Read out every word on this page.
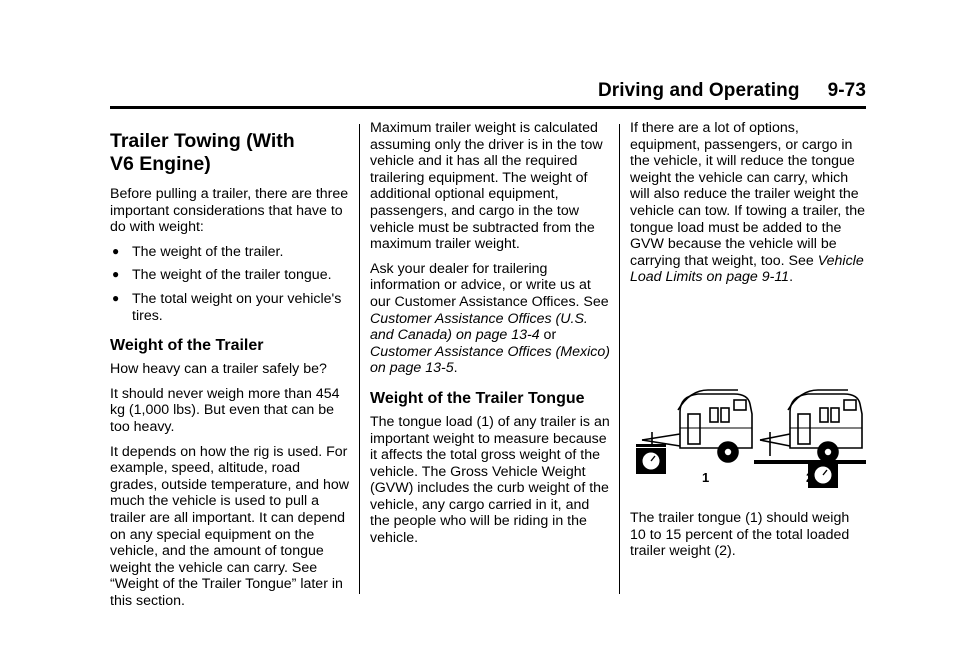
Driving and Operating 9-73
Trailer Towing (With V6 Engine)

Before pulling a trailer, there are three important considerations that have to do with weight:

● The weight of the trailer.
● The weight of the trailer tongue.
● The total weight on your vehicle's tires.
Weight of the Trailer

How heavy can a trailer safely be?

It should never weigh more than 454 kg (1,000 lbs). But even that can be too heavy.

It depends on how the rig is used. For example, speed, altitude, road grades, outside temperature, and how much the vehicle is used to pull a trailer are all important. It can depend on any special equipment on the vehicle, and the amount of tongue weight the vehicle can carry. See “Weight of the Trailer Tongue” later in this section.

Maximum trailer weight is calculated assuming only the driver is in the tow vehicle and it has all the required trailering equipment. The weight of additional optional equipment, passengers, and cargo in the tow vehicle must be subtracted from the maximum trailer weight.

Ask your dealer for trailering information or advice, or write us at our Customer Assistance Offices. See Customer Assistance Offices (U.S. and Canada) on page 13-4 or Customer Assistance Offices (Mexico) on page 13-5.

Weight of the Trailer Tongue

The tongue load (1) of any trailer is an important weight to measure because it affects the total gross weight of the vehicle. The Gross Vehicle Weight (GVW) includes the curb weight of the vehicle, any cargo carried in it, and the people who will be riding in the vehicle.

If there are a lot of options, equipment, passengers, or cargo in the vehicle, it will reduce the tongue weight the vehicle can carry, which will also reduce the trailer weight the vehicle can tow. If towing a trailer, the tongue load must be added to the GVW because the vehicle will be carrying that weight, too. See Vehicle Load Limits on page 9-11.

1	2

The trailer tongue (1) should weigh 10 to 15 percent of the total loaded trailer weight (2).
